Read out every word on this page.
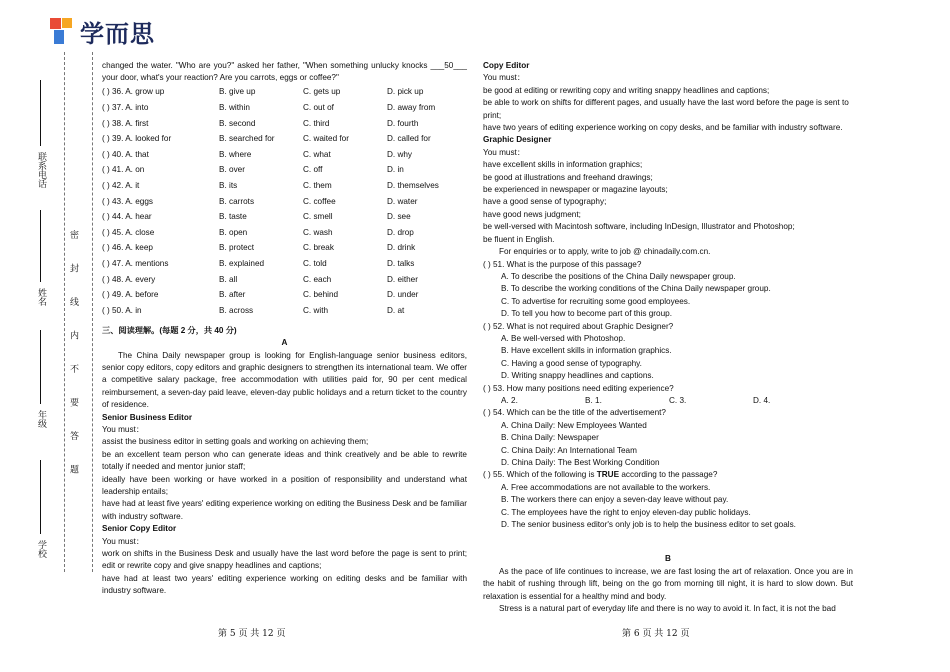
学而思
联系电话
姓名
年级
学校
密 封 线 内 不 要 答 题

changed the water. "Who are you?" asked her father, "When something unlucky knocks ___50___ your door, what's your reaction? Are you carrots, eggs or coffee?"

( ) 36. A. grow up	B. give up	C. gets up	D. pick up
( ) 37. A. into	B. within	C. out of	D. away from
( ) 38. A. first	B. second	C. third	D. fourth
( ) 39. A. looked for	B. searched for	C. waited for	D. called for
( ) 40. A. that	B. where	C. what	D. why
( ) 41. A. on	B. over	C. off	D. in
( ) 42. A. it	B. its	C. them	D. themselves
( ) 43. A. eggs	B. carrots	C. coffee	D. water
( ) 44. A. hear	B. taste	C. smell	D. see
( ) 45. A. close	B. open	C. wash	D. drop
( ) 46. A. keep	B. protect	C. break	D. drink
( ) 47. A. mentions	B. explained	C. told	D. talks
( ) 48. A. every	B. all	C. each	D. either
( ) 49. A. before	B. after	C. behind	D. under
( ) 50. A. in	B. across	C. with	D. at

三、阅读理解。(每题 2 分，共 40 分)

A

The China Daily newspaper group is looking for English-language senior business editors, senior copy editors, copy editors and graphic designers to strengthen its international team. We offer a competitive salary package, free accommodation with utilities paid for, 90 per cent medical reimbursement, a seven-day paid leave, eleven-day public holidays and a return ticket to the country of residence.

Senior Business Editor

You must：

assist the business editor in setting goals and working on achieving them;

be an excellent team person who can generate ideas and think creatively and be able to rewrite totally if needed and mentor junior staff;

ideally have been working or have worked in a position of responsibility and understand what leadership entails;

have had at least five years' editing experience working on editing the Business Desk and be familiar with industry software.

Senior Copy Editor

You must：

work on shifts in the Business Desk and usually have the last word before the page is sent to print; edit or rewrite copy and give snappy headlines and captions;

have had at least two years' editing experience working on editing desks and be familiar with industry software.

Copy Editor

You must：

be good at editing or rewriting copy and writing snappy headlines and captions;

be able to work on shifts for different pages, and usually have the last word before the page is sent to print;

have two years of editing experience working on copy desks, and be familiar with industry software.

Graphic Designer

You must：

have excellent skills in information graphics;

be good at illustrations and freehand drawings;

be experienced in newspaper or magazine layouts;

have a good sense of typography;

have good news judgment;

be well-versed with Macintosh software, including InDesign, Illustrator and Photoshop;

be fluent in English.

For enquiries or to apply, write to job @ chinadaily.com.cn.

( ) 51. What is the purpose of this passage?

A. To describe the positions of the China Daily newspaper group.

B. To describe the working conditions of the China Daily newspaper group.

C. To advertise for recruiting some good employees.

D. To tell you how to become part of this group.

( ) 52. What is not required about Graphic Designer?

A. Be well-versed with Photoshop.

B. Have excellent skills in information graphics.

C. Having a good sense of typography.

D. Writing snappy headlines and captions.

( ) 53. How many positions need editing experience?

A. 2.	B. 1.	C. 3.	D. 4.

( ) 54. Which can be the title of the advertisement?

A. China Daily: New Employees Wanted

B. China Daily: Newspaper

C. China Daily: An International Team

D. China Daily: The Best Working Condition

( ) 55. Which of the following is TRUE according to the passage?

A. Free accommodations are not available to the workers.

B. The workers there can enjoy a seven-day leave without pay.

C. The employees have the right to enjoy eleven-day public holidays.

D. The senior business editor's only job is to help the business editor to set goals.

B

As the pace of life continues to increase, we are fast losing the art of relaxation. Once you are in the habit of rushing through lift, being on the go from morning till night, it is hard to slow down. But relaxation is essential for a healthy mind and body.

Stress is a natural part of everyday life and there is no way to avoid it. In fact, it is not the bad

第 5 页 共 12 页	第 6 页 共 12 页
